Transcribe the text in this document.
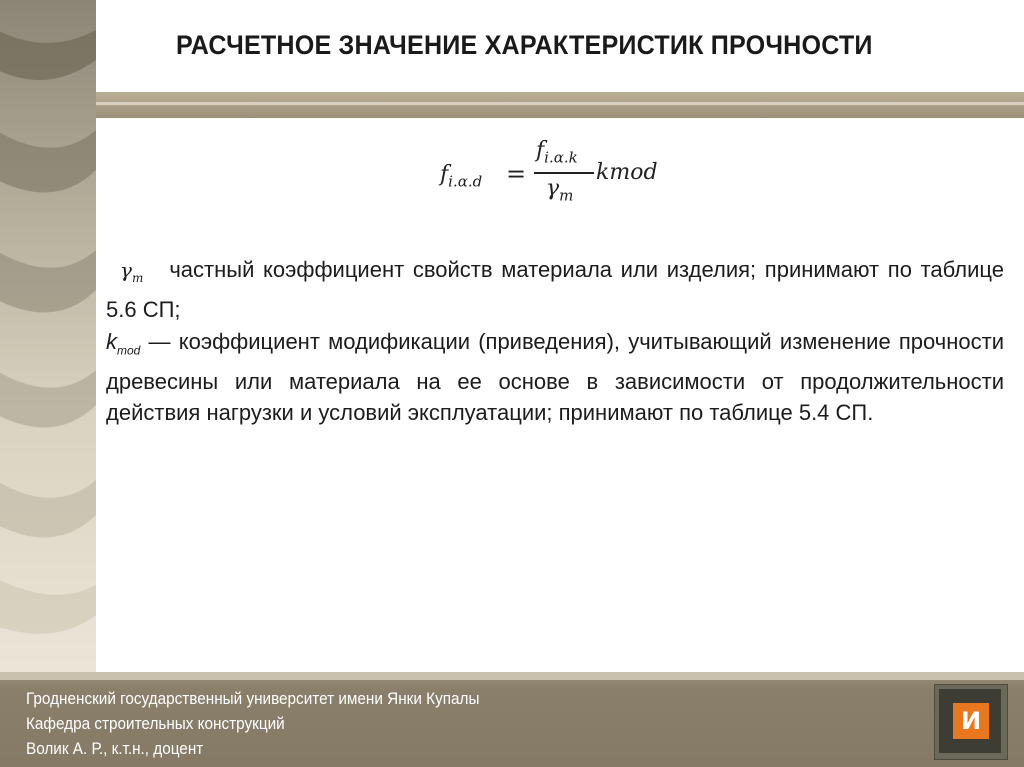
РАСЧЕТНОЕ ЗНАЧЕНИЕ ХАРАКТЕРИСТИК ПРОЧНОСТИ
$f_{i.\alpha.d}$ =
$f_{i.\alpha.k}$
$\gamma_m$
kmod
$\gamma_m$ частный коэффициент свойств материала или изделия; принимают по таблице 5.6 СП;
$k_{mod}$ — коэффициент модификации (приведения), учитывающий изменение прочности древесины или материала на ее основе в зависимости от продолжительности действия нагрузки и условий эксплуатации; принимают по таблице 5.4 СП.
Гродненский государственный университет имени Янки Купалы
Кафедра строительных конструкций
Волик А. Р., к.т.н., доцент
И
